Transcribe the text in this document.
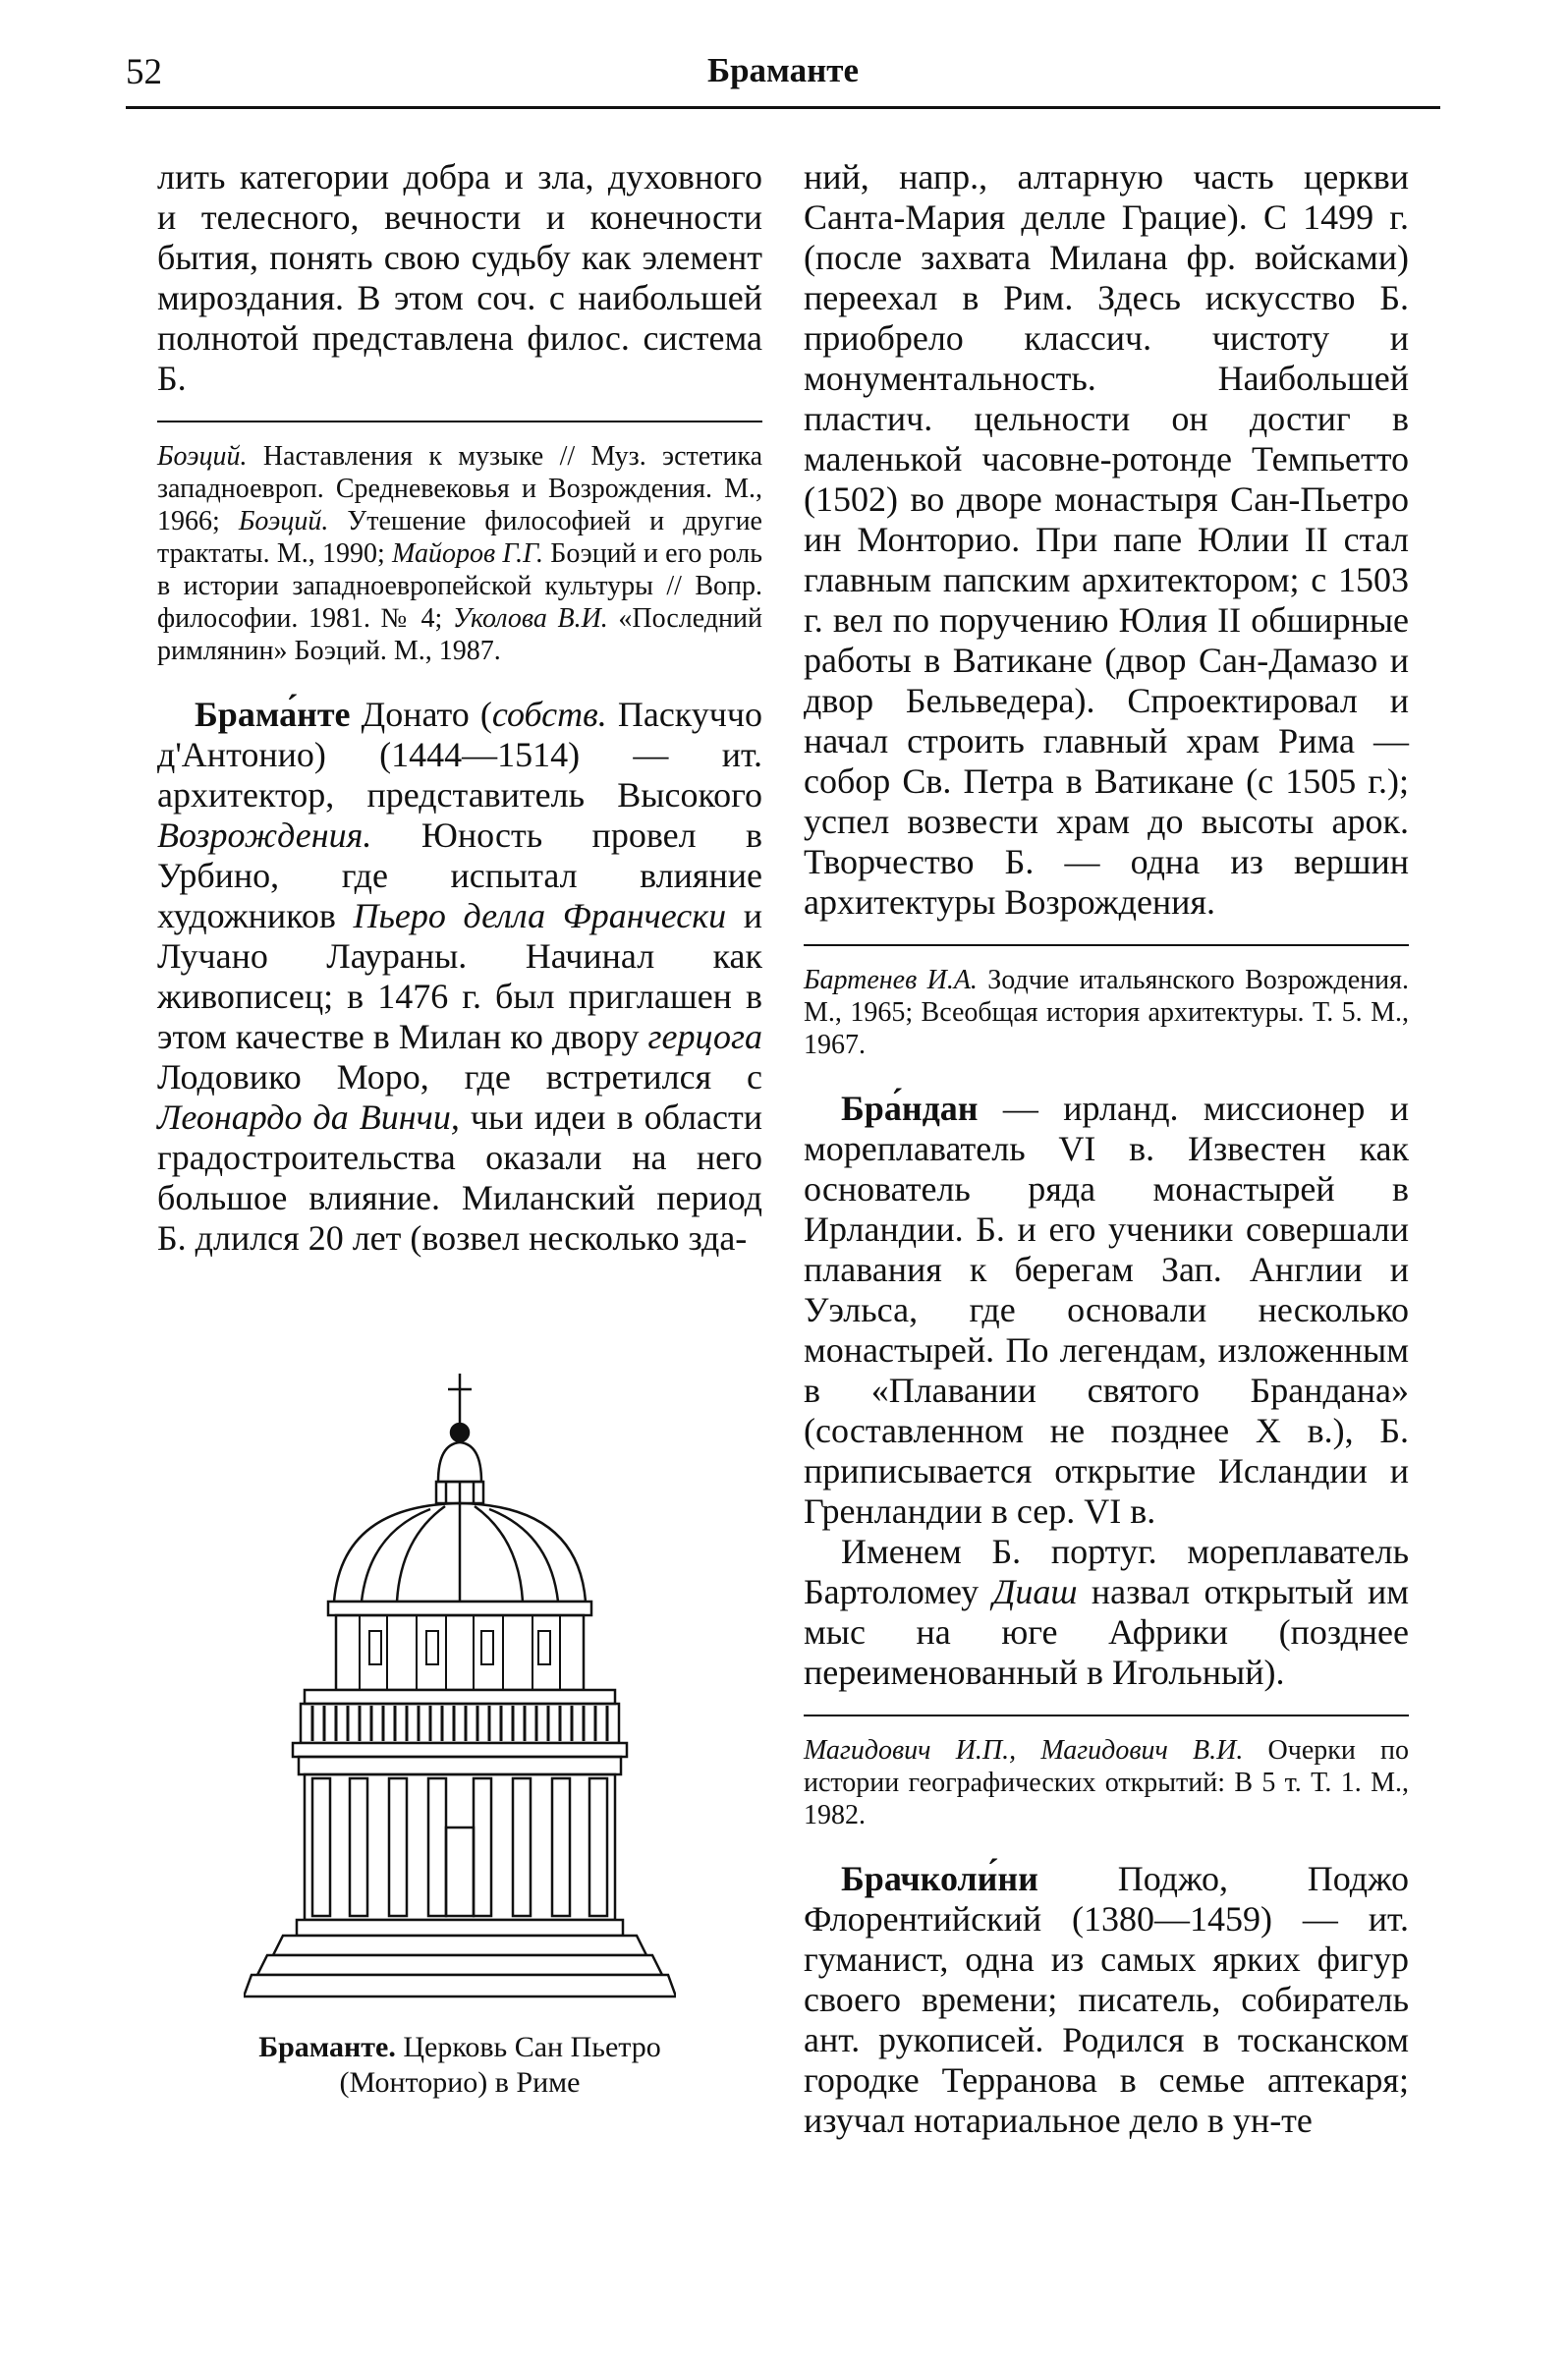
52	Браманте

лить категории добра и зла, духовного и телесного, вечности и конечности бытия, понять свою судьбу как элемент мироздания. В этом соч. с наибольшей полнотой представлена филос. система Б.

Боэций. Наставления к музыке // Муз. эстетика западноевроп. Средневековья и Возрождения. М., 1966; Боэций. Утешение философией и другие трактаты. М., 1990; Майоров Г.Г. Боэций и его роль в истории западноевропейской культуры // Вопр. философии. 1981. № 4; Уколова В.И. «Последний римлянин» Боэций. М., 1987.

Брама́нте Донато (собств. Паскуччо д'Антонио) (1444—1514) — ит. архитектор, представитель Высокого Возрождения. Юность провел в Урбино, где испытал влияние художников Пьеро делла Франчески и Лучано Лаураны. Начинал как живописец; в 1476 г. был приглашен в этом качестве в Милан ко двору герцога Лодовико Моро, где встретился с Леонардо да Винчи, чьи идеи в области градостроительства оказали на него большое влияние. Миланский период Б. длился 20 лет (возвел несколько зда-

Браманте. Церковь Сан Пьетро
(Монторио) в Риме

ний, напр., алтарную часть церкви Санта-Мария делле Грацие). С 1499 г. (после захвата Милана фр. войсками) переехал в Рим. Здесь искусство Б. приобрело классич. чистоту и монументальность. Наибольшей пластич. цельности он достиг в маленькой часовне-ротонде Темпьетто (1502) во дворе монастыря Сан-Пьетро ин Монторио. При папе Юлии II стал главным папским архитектором; с 1503 г. вел по поручению Юлия II обширные работы в Ватикане (двор Сан-Дамазо и двор Бельведера). Спроектировал и начал строить главный храм Рима — собор Св. Петра в Ватикане (с 1505 г.); успел возвести храм до высоты арок. Творчество Б. — одна из вершин архитектуры Возрождения.

Бартенев И.А. Зодчие итальянского Возрождения. М., 1965; Всеобщая история архитектуры. Т. 5. М., 1967.

Бра́ндан — ирланд. миссионер и мореплаватель VI в. Известен как основатель ряда монастырей в Ирландии. Б. и его ученики совершали плавания к берегам Зап. Англии и Уэльса, где основали несколько монастырей. По легендам, изложенным в «Плавании святого Брандана» (составленном не позднее X в.), Б. приписывается открытие Исландии и Гренландии в сер. VI в.

Именем Б. португ. мореплаватель Бартоломеу Диаш назвал открытый им мыс на юге Африки (позднее переименованный в Игольный).

Магидович И.П., Магидович В.И. Очерки по истории географических открытий: В 5 т. Т. 1. М., 1982.

Брачколи́ни Поджо, Поджо Флорентийский (1380—1459) — ит. гуманист, одна из самых ярких фигур своего времени; писатель, собиратель ант. рукописей. Родился в тосканском городке Терранова в семье аптекаря; изучал нотариальное дело в ун-те
